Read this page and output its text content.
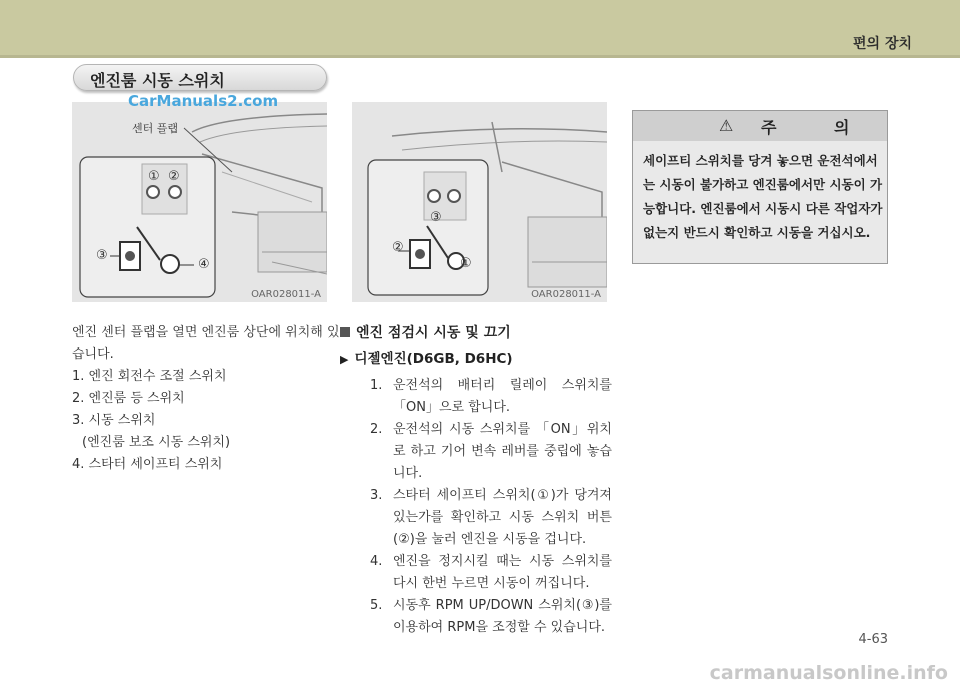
편의 장치
엔진룸 시동 스위치
센터 플랩
① ②
③
④
OAR028011-A
CarManuals2.com
③
②
①
OAR028011-A
⚠ 주 의
세이프티 스위치를 당겨 놓으면 운전석에서는 시동이 불가하고 엔진룸에서만 시동이 가능합니다. 엔진룸에서 시동시 다른 작업자가 없는지 반드시 확인하고 시동을 거십시오.
엔진 센터 플랩을 열면 엔진룸 상단에 위치해 있습니다.
1. 엔진 회전수 조절 스위치
2. 엔진룸 등 스위치
3. 시동 스위치
(엔진룸 보조 시동 스위치)
4. 스타터 세이프티 스위치
엔진 점검시 시동 및 끄기
▶ 디젤엔진(D6GB, D6HC)
1. 운전석의 배터리 릴레이 스위치를 「ON」으로 합니다.
2. 운전석의 시동 스위치를 「ON」위치로 하고 기어 변속 레버를 중립에 놓습니다.
3. 스타터 세이프티 스위치(①)가 당겨져 있는가를 확인하고 시동 스위치 버튼(②)을 눌러 엔진을 시동을 겁니다.
4. 엔진을 정지시킬 때는 시동 스위치를 다시 한번 누르면 시동이 꺼집니다.
5. 시동후 RPM UP/DOWN 스위치(③)를 이용하여 RPM을 조정할 수 있습니다.
4-63
carmanualsonline.info
